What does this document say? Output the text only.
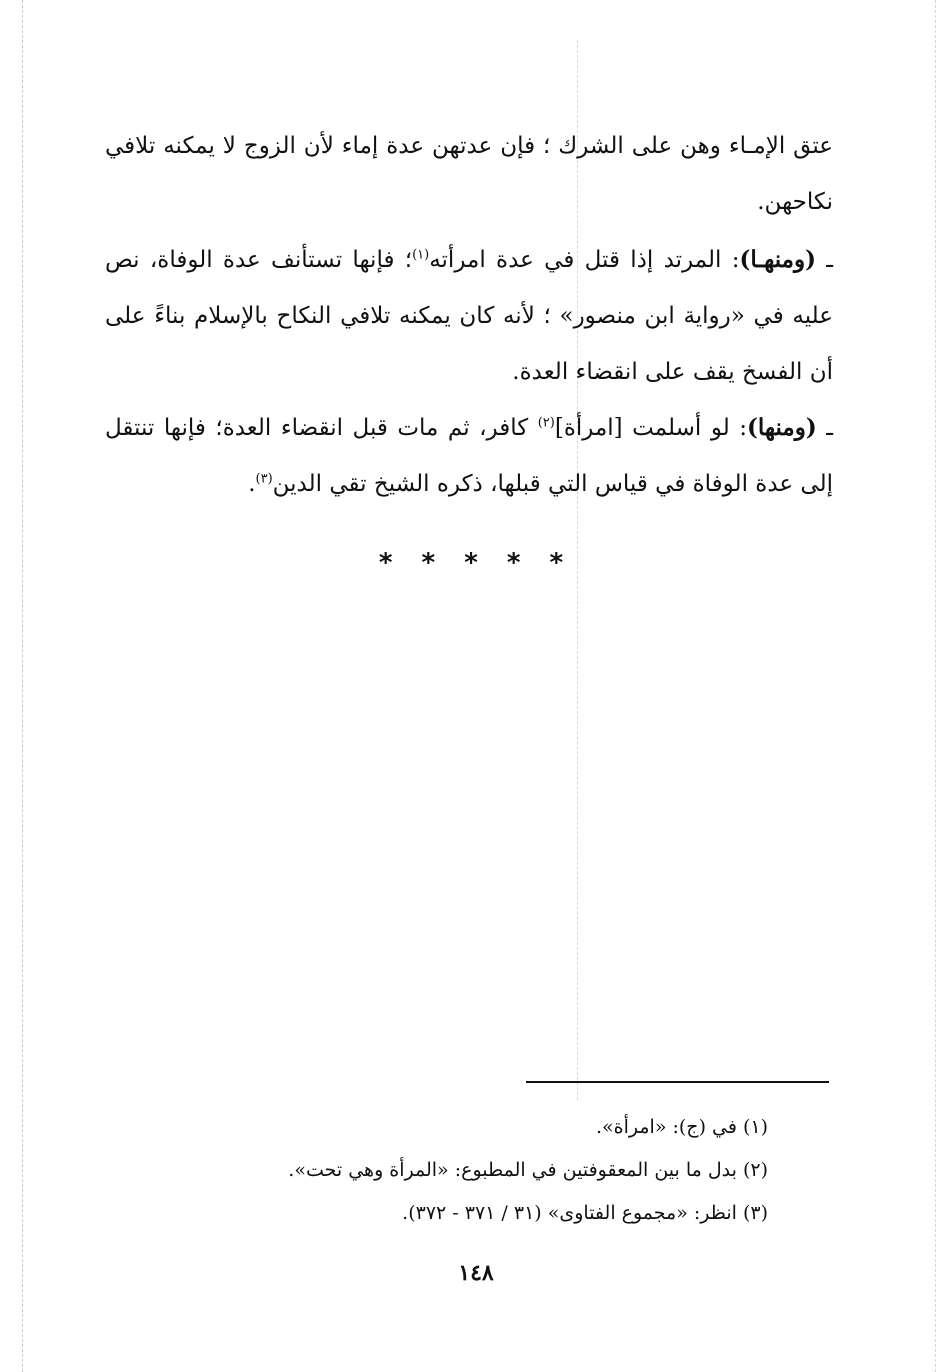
عتق الإمـاء وهن على الشرك ؛ فإن عدتهن عدة إماء لأن الزوج لا يمكنه تلافي نكاحهن.

ـ (ومنهـا): المرتد إذا قتل في عدة امرأته$^{(١)}$؛ فإنها تستأنف عدة الوفاة، نص عليه في «رواية ابن منصور» ؛ لأنه كان يمكنه تلافي النكاح بالإسلام بناءً على أن الفسخ يقف على انقضاء العدة.

ـ (ومنها): لو أسلمت [امرأة]$^{(٢)}$ كافر، ثم مات قبل انقضاء العدة؛ فإنها تنتقل إلى عدة الوفاة في قياس التي قبلها، ذكره الشيخ تقي الدين$^{(٣)}$.

* * * * *

(١)في (ج): «امرأة».

(٢)بدل ما بين المعقوفتين في المطبوع: «المرأة وهي تحت».

(٣)انظر: «مجموع الفتاوى» (٣١ / ٣٧١ - ٣٧٢).

١٤٨
